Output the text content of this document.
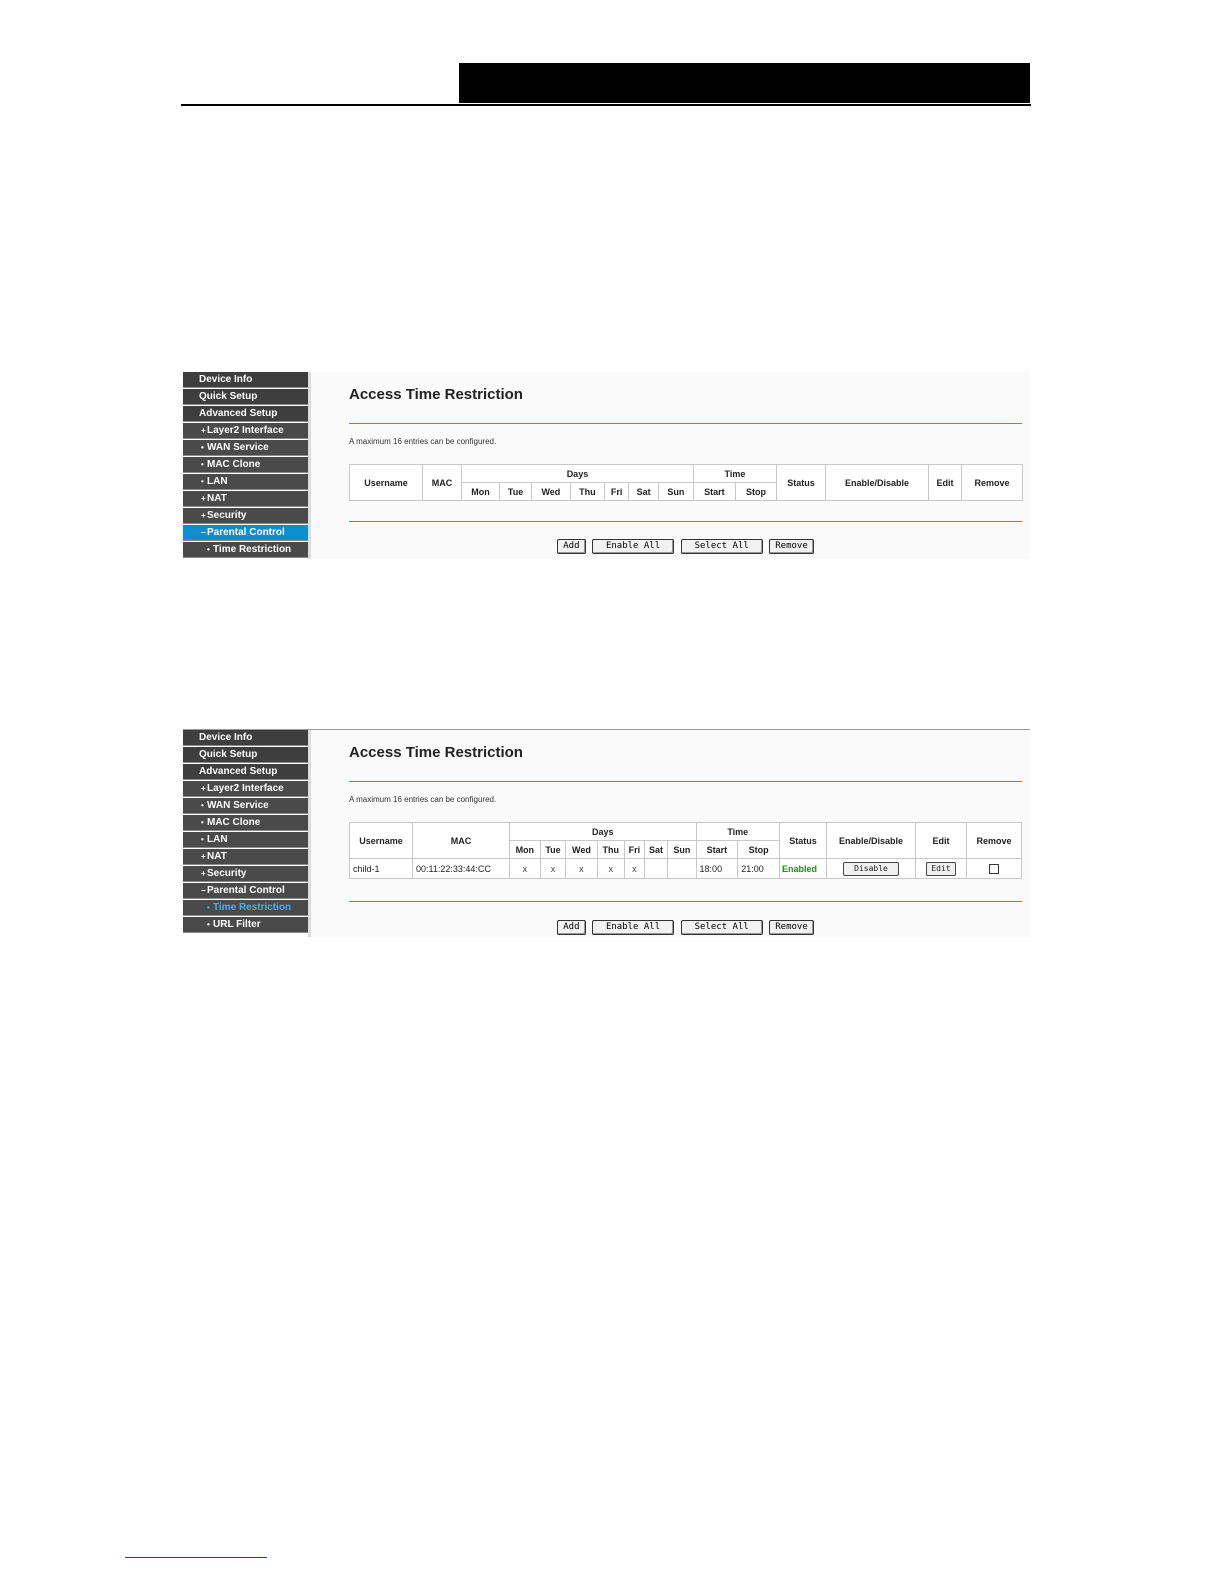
Device Info
Quick Setup
Advanced Setup
+Layer2 Interface
• WAN Service
• MAC Clone
• LAN
+NAT
+Security
−Parental Control
• Time Restriction
Access Time Restriction
A maximum 16 entries can be configured.
Username	MAC	Days							Time		Status	Enable/Disable	Edit	Remove
		Mon	Tue	Wed	Thu	Fri	Sat	Sun	Start	Stop				
Add	Enable All	Select All	Remove
Device Info
Quick Setup
Advanced Setup
+Layer2 Interface
• WAN Service
• MAC Clone
• LAN
+NAT
+Security
−Parental Control
• Time Restriction
• URL Filter
Access Time Restriction
A maximum 16 entries can be configured.
Username	MAC	Days							Time		Status	Enable/Disable	Edit	Remove
		Mon	Tue	Wed	Thu	Fri	Sat	Sun	Start	Stop				
child-1	00:11:22:33:44:CC	x	x	x	x	x			18:00	21:00	Enabled	Disable	Edit	
Add	Enable All	Select All	Remove
